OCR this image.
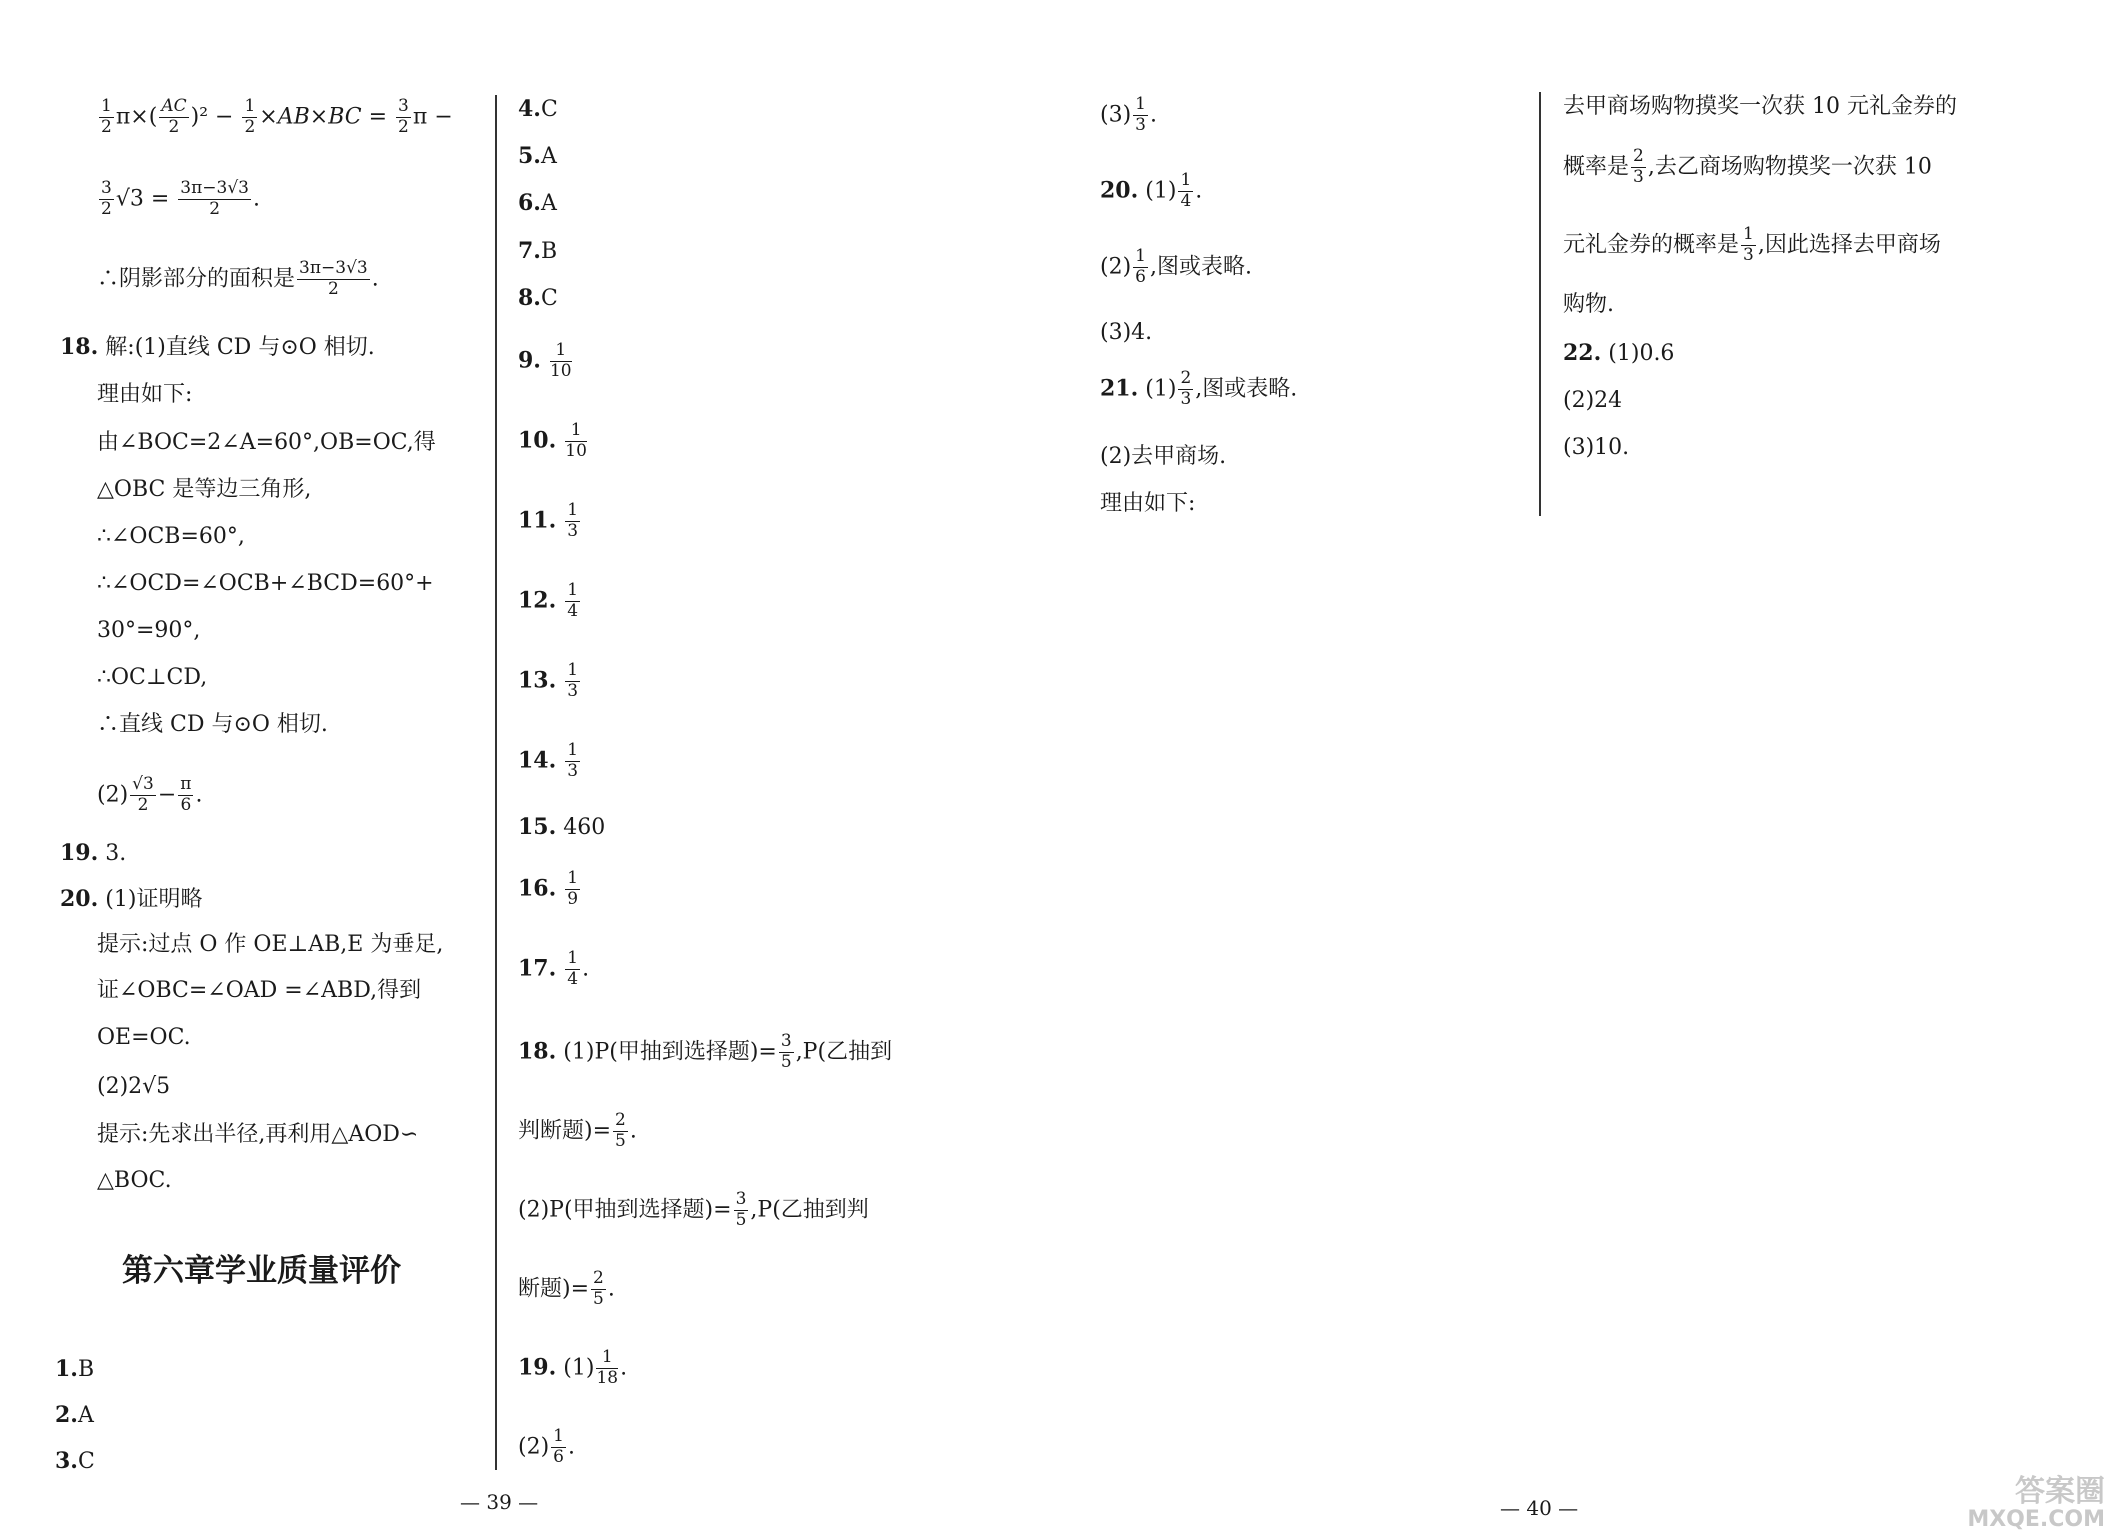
$\frac{1}{2} \pi\times( \frac{AC}{2} )^2 - \frac{1}{2} \times AB\times BC = \frac{3}{2}$ π −
$\frac{3}{2} √3 = \frac{3\pi-3√3}{2}$ .
∴阴影部分的面积是 $\frac{3\pi-3√3}{2}$ .
18. 解:(1)直线 CD 与⊙O 相切.
理由如下:
由∠BOC=2∠A=60°,OB=OC,得
△OBC 是等边三角形,
∴∠OCB=60°,
∴∠OCD=∠OCB+∠BCD=60°+
30°=90°,
∴OC⊥CD,
∴直线 CD 与⊙O 相切.
$(2) \frac{√3}{2} - \frac{\pi}{6}$ .
19. 3.
20. (1)证明略
提示:过点 O 作 OE⊥AB,E 为垂足,
证∠OBC=∠OAD =∠ABD,得到
OE=OC.
(2)2√5
提示:先求出半径,再利用△AOD∽
△BOC.
第六章学业质量评价
1.B
2.A
3.C
4.C
5.A
6.A
7.B
8.C
9. $\frac{1}{10}$
10. $\frac{1}{10}$
11. $\frac{1}{3}$
12. $\frac{1}{4}$
13. $\frac{1}{3}$
14. $\frac{1}{3}$
15. 460
16. $\frac{1}{9}$
17. $\frac{1}{4}$ .
18. (1)P(甲抽到选择题)= $\frac{3}{5} ,P$(乙抽到
判断题)= $\frac{2}{5}$ .
(2)P(甲抽到选择题)= $\frac{3}{5} ,P$(乙抽到判
断题)= $\frac{2}{5}$ .
19. $(1) \frac{1}{18}$ .
$(2) \frac{1}{6}$ .
$(3) \frac{1}{3}$ .
20. $(1) \frac{1}{4}$ .
$(2) \frac{1}{6}$ ,图或表略.
(3)4.
21. $(1) \frac{2}{3}$ ,图或表略.
(2)去甲商场.
理由如下:
去甲商场购物摸奖一次获 10 元礼金券的
概率是 $\frac{2}{3}$ ,去乙商场购物摸奖一次获 10
元礼金券的概率是 $\frac{1}{3}$ ,因此选择去甲商场
购物.
22. (1)0.6
(2)24
(3)10.
— 39 —	— 40 —	答案圈
MXQE.COM
